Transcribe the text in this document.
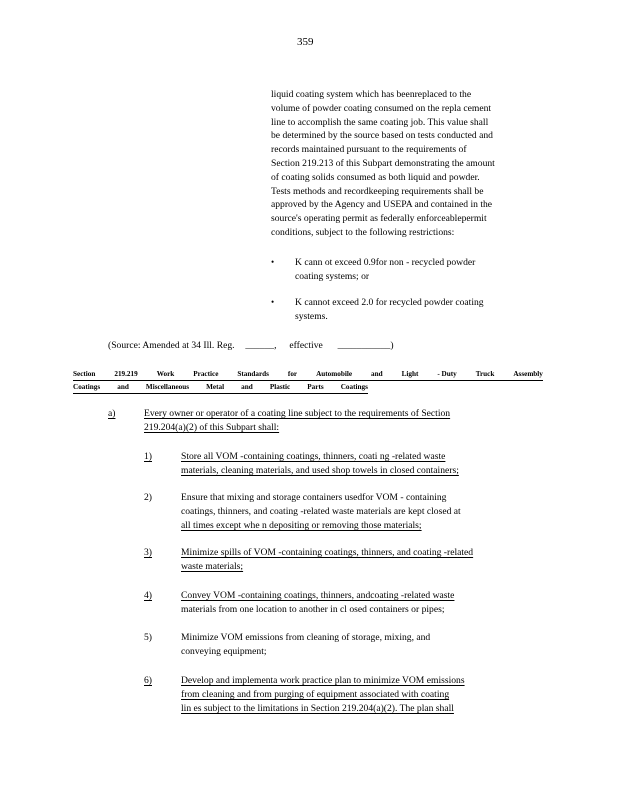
359
liquid coating system which has beenreplaced to the
volume of powder coating consumed on the repla cement
line to accomplish the same coating job. This value shall
be determined by the source based on tests conducted and
records maintained pursuant to the requirements of
Section 219.213 of this Subpart demonstrating the amount
of coating solids consumed as both liquid and powder.
Tests methods and recordkeeping requirements shall be
approved by the Agency and USEPA and contained in the
source's operating permit as federally enforceablepermit
conditions, subject to the following restrictions:
• K cann ot exceed 0.9for non - recycled powder
coating systems; or
• K cannot exceed 2.0 for recycled powder coating
systems.
(Source: Amended at 34 Ill. Reg. ______, effective ___________)
Section	219.219	Work	Practice	Standards	for	Automobile	and	Light	- Duty	Truck	Assembly
Coatings and Miscellaneous Metal and Plastic Parts Coatings
a)	Every owner or operator of a coating line subject to the requirements of Section
219.204(a)(2) of this Subpart shall:
1)	Store all VOM -containing coatings, thinners, coati ng -related waste
materials, cleaning materials, and used shop towels in closed containers;
2)	Ensure that mixing and storage containers usedfor VOM - containing
coatings, thinners, and coating -related waste materials are kept closed at
all times except whe n depositing or removing those materials;
3)	Minimize spills of VOM -containing coatings, thinners, and coating -related
waste materials;
4)	Convey VOM -containing coatings, thinners, andcoating -related waste
materials from one location to another in cl osed containers or pipes;
5)	Minimize VOM emissions from cleaning of storage, mixing, and
conveying equipment;
6)	Develop and implementa work practice plan to minimize VOM emissions
from cleaning and from purging of equipment associated with coating
lin es subject to the limitations in Section 219.204(a)(2). The plan shall
